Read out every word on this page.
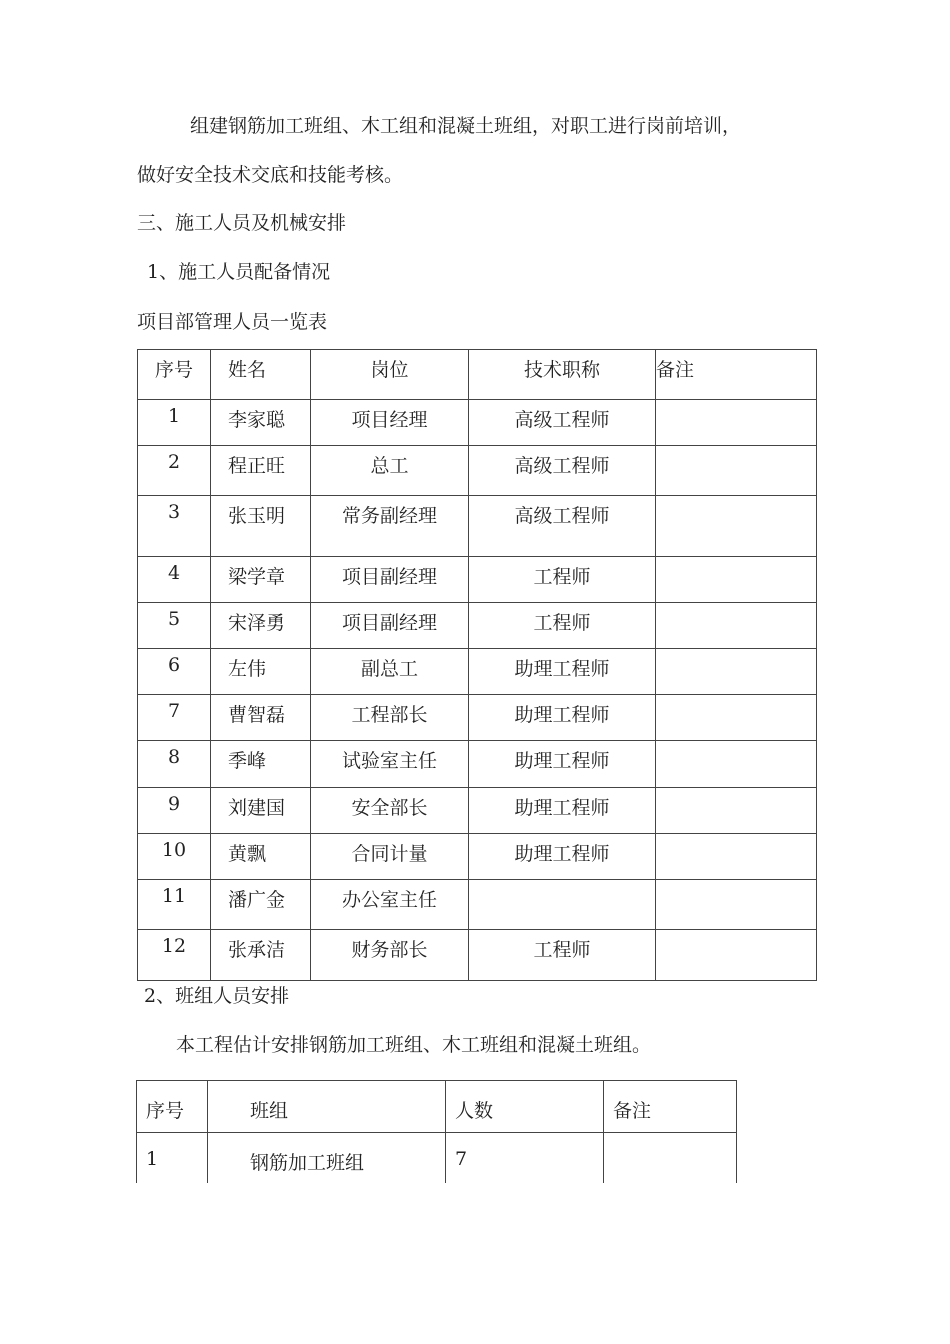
组建钢筋加工班组、木工组和混凝土班组，对职工进行岗前培训，
做好安全技术交底和技能考核。
三、施工人员及机械安排
1、施工人员配备情况
项目部管理人员一览表
序号	姓名	岗位	技术职称	备注
1	李家聪	项目经理	高级工程师	
2	程正旺	总工	高级工程师	
3	张玉明	常务副经理	高级工程师	
4	梁学章	项目副经理	工程师	
5	宋泽勇	项目副经理	工程师	
6	左伟	副总工	助理工程师	
7	曹智磊	工程部长	助理工程师	
8	季峰	试验室主任	助理工程师	
9	刘建国	安全部长	助理工程师	
10	黄飘	合同计量	助理工程师	
11	潘广金	办公室主任		
12	张承洁	财务部长	工程师	
2、班组人员安排
本工程估计安排钢筋加工班组、木工班组和混凝土班组。
序号	班组	人数	备注
1	钢筋加工班组	7	
